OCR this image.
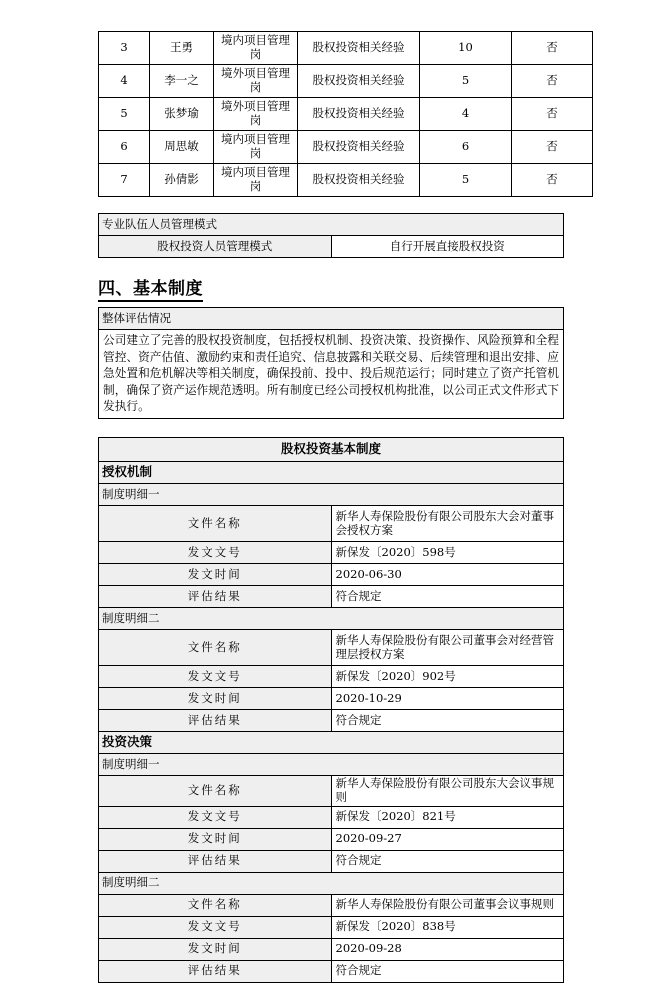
3	王勇	境内项目管理岗	股权投资相关经验	10	否
4	李一之	境外项目管理岗	股权投资相关经验	5	否
5	张梦瑜	境外项目管理岗	股权投资相关经验	4	否
6	周思敏	境内项目管理岗	股权投资相关经验	6	否
7	孙倩影	境内项目管理岗	股权投资相关经验	5	否
专业队伍人员管理模式
股权投资人员管理模式	自行开展直接股权投资
四、基本制度
整体评估情况
公司建立了完善的股权投资制度，包括授权机制、投资决策、投资操作、风险预算和全程管控、资产估值、激励约束和责任追究、信息披露和关联交易、后续管理和退出安排、应急处置和危机解决等相关制度，确保投前、投中、投后规范运行；同时建立了资产托管机制，确保了资产运作规范透明。所有制度已经公司授权机构批准，以公司正式文件形式下发执行。
股权投资基本制度	
授权机制	
制度明细一	
文件名称	新华人寿保险股份有限公司股东大会对董事会授权方案
发文文号	新保发〔2020〕598号
发文时间	2020-06-30
评估结果	符合规定
制度明细二	
文件名称	新华人寿保险股份有限公司董事会对经营管理层授权方案
发文文号	新保发〔2020〕902号
发文时间	2020-10-29
评估结果	符合规定
投资决策	
制度明细一	
文件名称	新华人寿保险股份有限公司股东大会议事规则
发文文号	新保发〔2020〕821号
发文时间	2020-09-27
评估结果	符合规定
制度明细二	
文件名称	新华人寿保险股份有限公司董事会议事规则
发文文号	新保发〔2020〕838号
发文时间	2020-09-28
评估结果	符合规定
